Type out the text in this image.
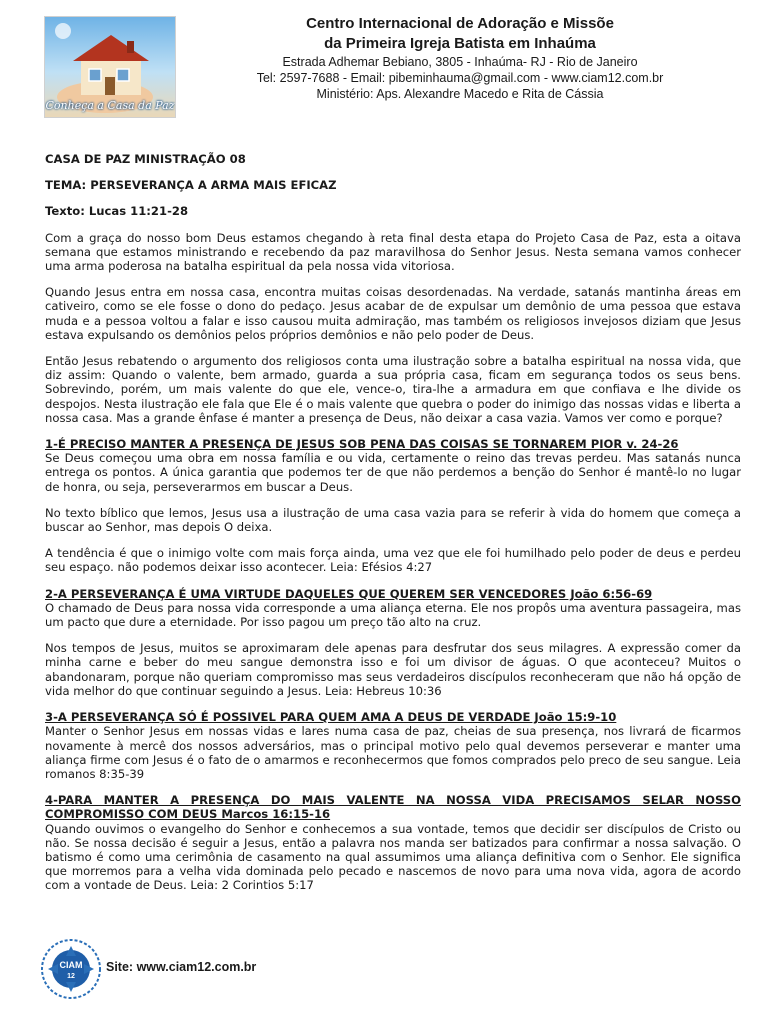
Conheça a Casa da Paz
Centro Internacional de Adoração e Missõe
da Primeira Igreja Batista em Inhaúma
Estrada Adhemar Bebiano, 3805 - Inhaúma- RJ - Rio de Janeiro
Tel: 2597-7688 - Email: pibeminhauma@gmail.com - www.ciam12.com.br
Ministério: Aps. Alexandre Macedo e Rita de Cássia
CASA DE PAZ MINISTRAÇÃO 08
TEMA: PERSEVERANÇA A ARMA MAIS EFICAZ
Texto: Lucas 11:21-28

Com a graça do nosso bom Deus estamos chegando à reta final desta etapa do Projeto Casa de Paz, esta a oitava semana que estamos ministrando e recebendo da paz maravilhosa do Senhor Jesus. Nesta semana vamos conhecer uma arma poderosa na batalha espiritual da pela nossa vida vitoriosa.

Quando Jesus entra em nossa casa, encontra muitas coisas desordenadas. Na verdade, satanás mantinha áreas em cativeiro, como se ele fosse o dono do pedaço. Jesus acabar de de expulsar um demônio de uma pessoa que estava muda e a pessoa voltou a falar e isso causou muita admiração, mas também os religiosos invejosos diziam que Jesus estava expulsando os demônios pelos próprios demônios e não pelo poder de Deus.

Então Jesus rebatendo o argumento dos religiosos conta uma ilustração sobre a batalha espiritual na nossa vida, que diz assim: Quando o valente, bem armado, guarda a sua própria casa, ficam em segurança todos os seus bens. Sobrevindo, porém, um mais valente do que ele, vence-o, tira-lhe a armadura em que confiava e lhe divide os despojos. Nesta ilustração ele fala que Ele é o mais valente que quebra o poder do inimigo das nossas vidas e liberta a nossa casa. Mas a grande ênfase é manter a presença de Deus, não deixar a casa vazia. Vamos ver como e porque?

1-É PRECISO MANTER A PRESENÇA DE JESUS SOB PENA DAS COISAS SE TORNAREM PIOR v. 24-26

Se Deus começou uma obra em nossa família e ou vida, certamente o reino das trevas perdeu. Mas satanás nunca entrega os pontos. A única garantia que podemos ter de que não perdemos a benção do Senhor é mantê-lo no lugar de honra, ou seja, perseverarmos em buscar a Deus.

No texto bíblico que lemos, Jesus usa a ilustração de uma casa vazia para se referir à vida do homem que começa a buscar ao Senhor, mas depois O deixa.

A tendência é que o inimigo volte com mais força ainda, uma vez que ele foi humilhado pelo poder de deus e perdeu seu espaço. não podemos deixar isso acontecer. Leia: Efésios 4:27

2-A PERSEVERANÇA É UMA VIRTUDE DAQUELES QUE QUEREM SER VENCEDORES João 6:56-69

O chamado de Deus para nossa vida corresponde a uma aliança eterna. Ele nos propôs uma aventura passageira, mas um pacto que dure a eternidade. Por isso pagou um preço tão alto na cruz.

Nos tempos de Jesus, muitos se aproximaram dele apenas para desfrutar dos seus milagres. A expressão comer da minha carne e beber do meu sangue demonstra isso e foi um divisor de águas. O que aconteceu? Muitos o abandonaram, porque não queriam compromisso mas seus verdadeiros discípulos reconheceram que não há opção de vida melhor do que continuar seguindo a Jesus. Leia: Hebreus 10:36

3-A PERSEVERANÇA SÓ É POSSIVEL PARA QUEM AMA A DEUS DE VERDADE João 15:9-10

Manter o Senhor Jesus em nossas vidas e lares numa casa de paz, cheias de sua presença, nos livrará de ficarmos novamente à mercê dos nossos adversários, mas o principal motivo pelo qual devemos perseverar e manter uma aliança firme com Jesus é o fato de o amarmos e reconhecermos que fomos comprados pelo preco de seu sangue. Leia romanos 8:35-39

4-PARA MANTER A PRESENÇA DO MAIS VALENTE NA NOSSA VIDA PRECISAMOS SELAR NOSSO COMPROMISSO COM DEUS Marcos 16:15-16

Quando ouvimos o evangelho do Senhor e conhecemos a sua vontade, temos que decidir ser discípulos de Cristo ou não. Se nossa decisão é seguir a Jesus, então a palavra nos manda ser batizados para confirmar a nossa salvação. O batismo é como uma cerimônia de casamento na qual assumimos uma aliança definitiva com o Senhor. Ele significa que morremos para a velha vida dominada pelo pecado e nascemos de novo para uma nova vida, agora de acordo com a vontade de Deus. Leia: 2 Corintios 5:17

CIAM
12
Site: www.ciam12.com.br
